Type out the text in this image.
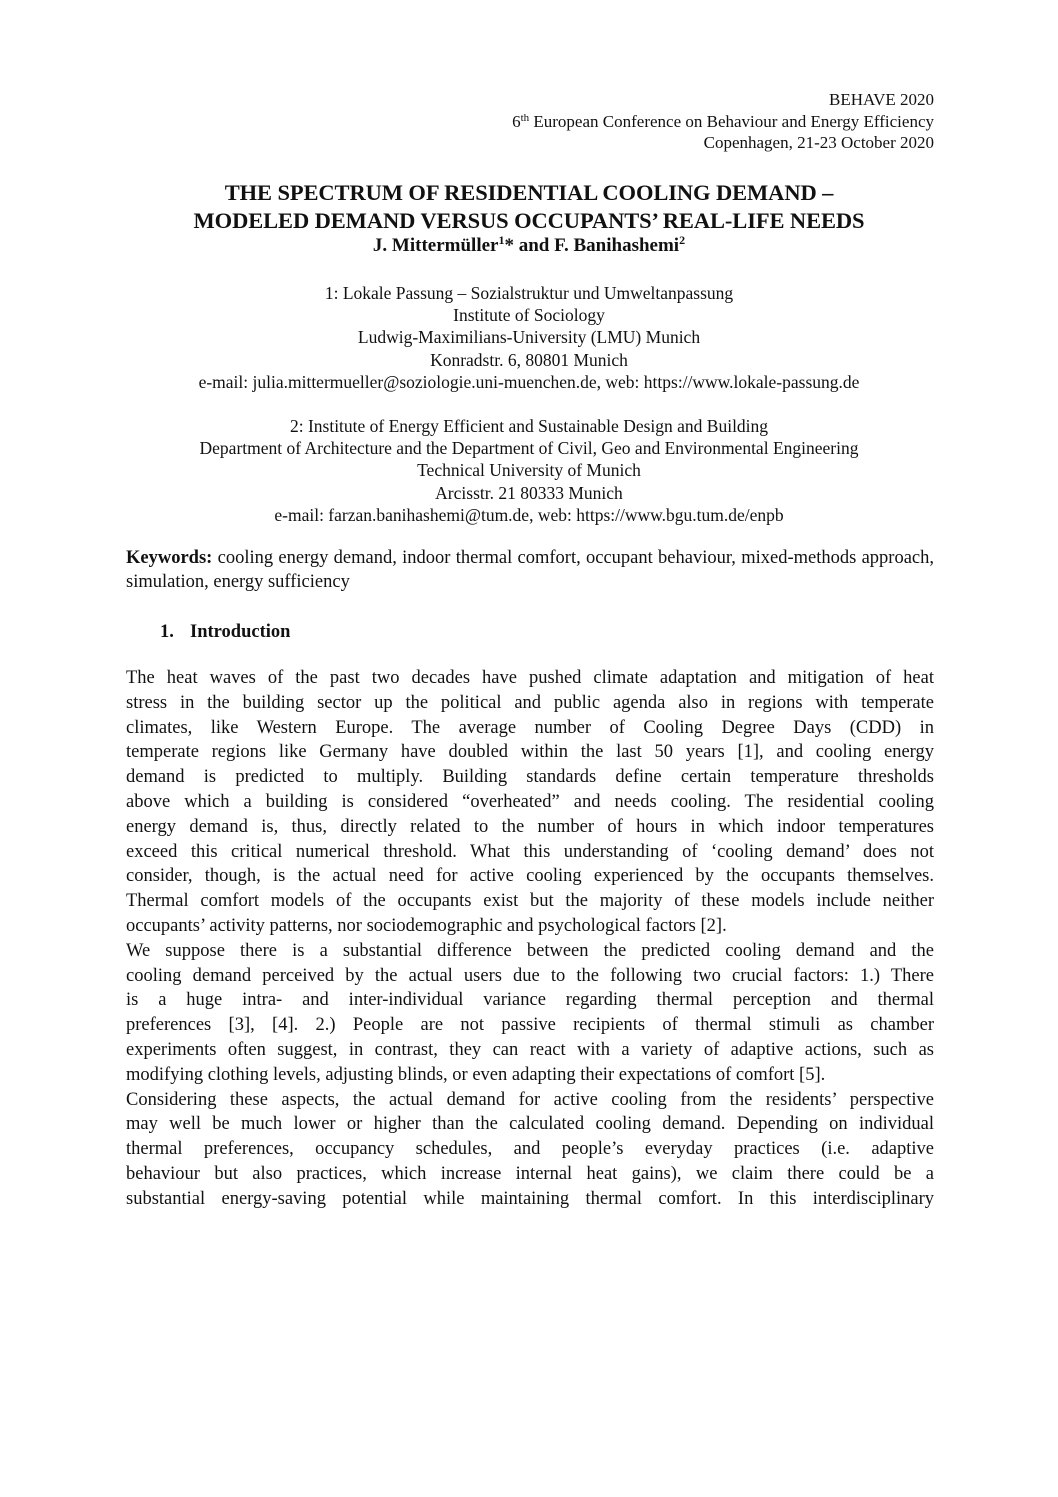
BEHAVE 2020
6th European Conference on Behaviour and Energy Efficiency
Copenhagen, 21-23 October 2020
THE SPECTRUM OF RESIDENTIAL COOLING DEMAND –
MODELED DEMAND VERSUS OCCUPANTS’ REAL-LIFE NEEDS
J. Mittermüller$^1$* and F. Banihashemi$^2$
1: Lokale Passung – Sozialstruktur und Umweltanpassung
Institute of Sociology
Ludwig-Maximilians-University (LMU) Munich
Konradstr. 6, 80801 Munich
e-mail: julia.mittermueller@soziologie.uni-muenchen.de, web: https://www.lokale-passung.de
2: Institute of Energy Efficient and Sustainable Design and Building
Department of Architecture and the Department of Civil, Geo and Environmental Engineering
Technical University of Munich
Arcisstr. 21 80333 Munich
e-mail: farzan.banihashemi@tum.de, web: https://www.bgu.tum.de/enpb
Keywords: cooling energy demand, indoor thermal comfort, occupant behaviour, mixed-methods approach, simulation, energy sufficiency
1. Introduction

The heat waves of the past two decades have pushed climate adaptation and mitigation of heat
stress in the building sector up the political and public agenda also in regions with temperate
climates, like Western Europe. The average number of Cooling Degree Days (CDD) in
temperate regions like Germany have doubled within the last 50 years [1], and cooling energy
demand is predicted to multiply. Building standards define certain temperature thresholds
above which a building is considered “overheated” and needs cooling. The residential cooling
energy demand is, thus, directly related to the number of hours in which indoor temperatures
exceed this critical numerical threshold. What this understanding of ‘cooling demand’ does not
consider, though, is the actual need for active cooling experienced by the occupants themselves.
Thermal comfort models of the occupants exist but the majority of these models include neither
occupants’ activity patterns, nor sociodemographic and psychological factors [2].

We suppose there is a substantial difference between the predicted cooling demand and the
cooling demand perceived by the actual users due to the following two crucial factors: 1.) There
is a huge intra- and inter-individual variance regarding thermal perception and thermal
preferences [3], [4]. 2.) People are not passive recipients of thermal stimuli as chamber
experiments often suggest, in contrast, they can react with a variety of adaptive actions, such as
modifying clothing levels, adjusting blinds, or even adapting their expectations of comfort [5].

Considering these aspects, the actual demand for active cooling from the residents’ perspective
may well be much lower or higher than the calculated cooling demand. Depending on individual
thermal preferences, occupancy schedules, and people’s everyday practices (i.e. adaptive
behaviour but also practices, which increase internal heat gains), we claim there could be a
substantial energy-saving potential while maintaining thermal comfort. In this interdisciplinary
